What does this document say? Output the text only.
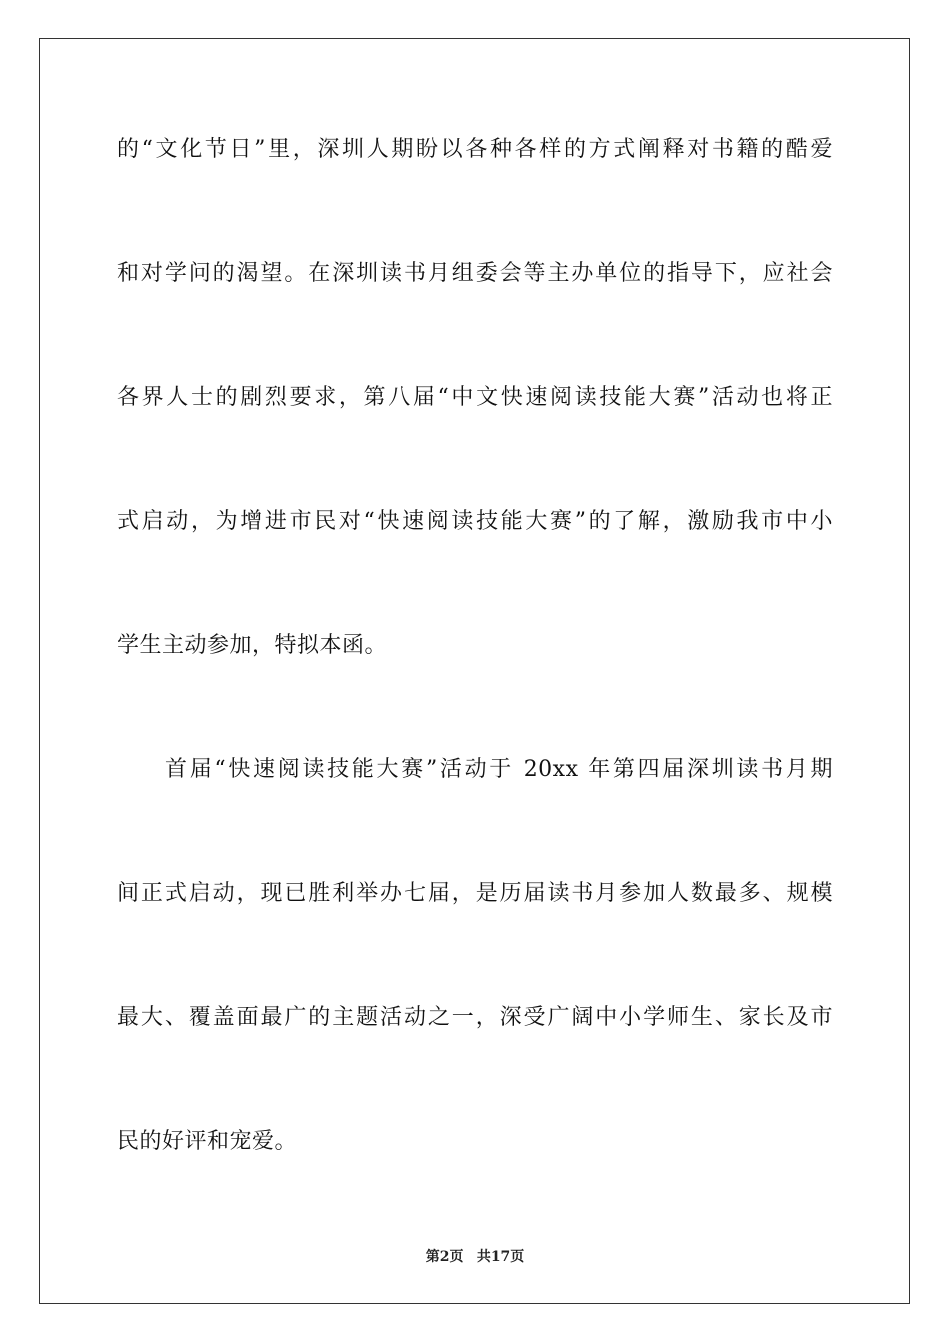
的“文化节日”里，深圳人期盼以各种各样的方式阐释对书籍的酷爱
和对学问的渴望。在深圳读书月组委会等主办单位的指导下，应社会
各界人士的剧烈要求，第八届“中文快速阅读技能大赛”活动也将正
式启动，为增进市民对“快速阅读技能大赛”的了解，激励我市中小
学生主动参加，特拟本函。
首届“快速阅读技能大赛”活动于 20xx 年第四届深圳读书月期
间正式启动，现已胜利举办七届，是历届读书月参加人数最多、规模
最大、覆盖面最广的主题活动之一，深受广阔中小学师生、家长及市
民的好评和宠爱。
第2页 共17页
